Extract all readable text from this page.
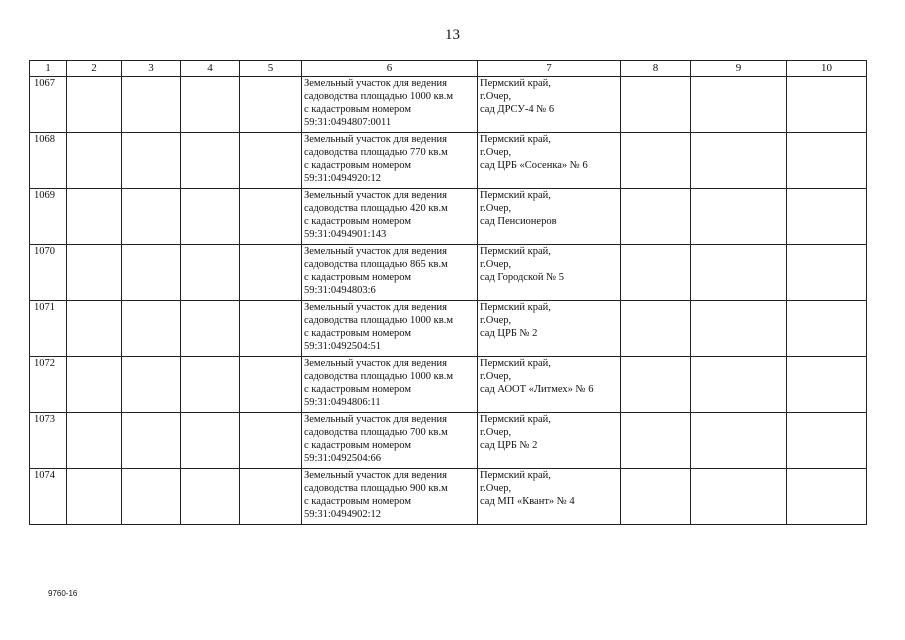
13
1	2	3	4	5	6	7	8	9	10
1067					Земельный участок для ведения
садоводства площадью 1000 кв.м
с кадастровым номером
59:31:0494807:0011	Пермский край,
г.Очер,
сад ДРСУ-4 № 6			

1068					Земельный участок для ведения
садоводства площадью 770 кв.м
с кадастровым номером
59:31:0494920:12	Пермский край,
г.Очер,
сад ЦРБ «Сосенка» № 6			

1069					Земельный участок для ведения
садоводства площадью 420 кв.м
с кадастровым номером
59:31:0494901:143	Пермский край,
г.Очер,
сад Пенсионеров			

1070					Земельный участок для ведения
садоводства площадью 865 кв.м
с кадастровым номером
59:31:0494803:6	Пермский край,
г.Очер,
сад Городской № 5			

1071					Земельный участок для ведения
садоводства площадью 1000 кв.м
с кадастровым номером
59:31:0492504:51	Пермский край,
г.Очер,
сад ЦРБ № 2			

1072					Земельный участок для ведения
садоводства площадью 1000 кв.м
с кадастровым номером
59:31:0494806:11	Пермский край,
г.Очер,
сад АООТ «Литмех» № 6			

1073					Земельный участок для ведения
садоводства площадью 700 кв.м
с кадастровым номером
59:31:0492504:66	Пермский край,
г.Очер,
сад ЦРБ № 2			

1074					Земельный участок для ведения
садоводства площадью 900 кв.м
с кадастровым номером
59:31:0494902:12	Пермский край,
г.Очер,
сад МП «Квант» № 4			

9760-16
